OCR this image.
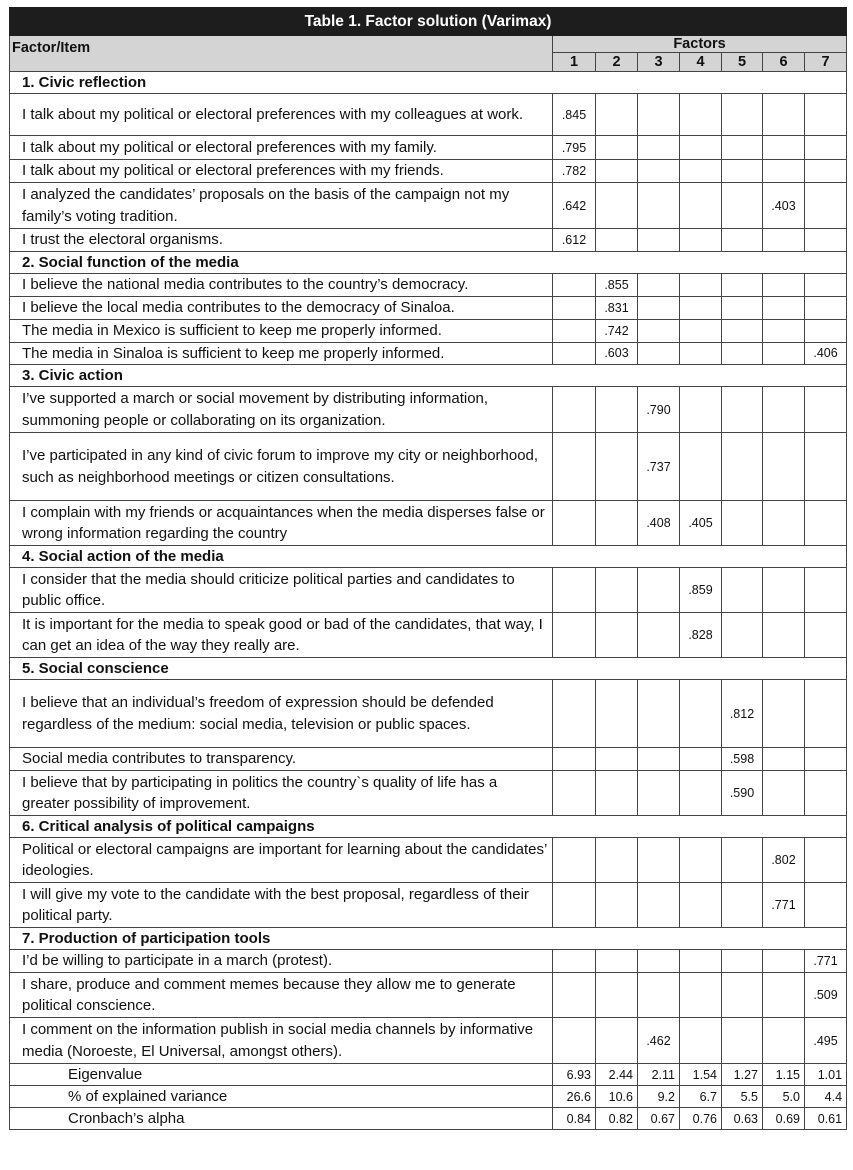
Table 1. Factor solution (Varimax)							
Factor/Item	Factors						
	1	2	3	4	5	6	7
1. Civic reflection							
I talk about my political or electoral preferences with my colleagues at work.	.845						
I talk about my political or electoral preferences with my family.	.795						
I talk about my political or electoral preferences with my friends.	.782						
I analyzed the candidates’ proposals on the basis of the campaign not my family’s voting tradition.	.642					.403	
I trust the electoral organisms.	.612						
2. Social function of the media							
I believe the national media contributes to the country’s democracy.		.855					
I believe the local media contributes to the democracy of Sinaloa.		.831					
The media in Mexico is sufficient to keep me properly informed.		.742					
The media in Sinaloa is sufficient to keep me properly informed.		.603					.406
3. Civic action							
I’ve supported a march or social movement by distributing information, summoning people or collaborating on its organization.			.790				
I’ve participated in any kind of civic forum to improve my city or neighborhood, such as neighborhood meetings or citizen consultations.			.737				
I complain with my friends or acquaintances when the media disperses false or wrong information regarding the country			.408	.405			
4. Social action of the media							
I consider that the media should criticize political parties and candidates to public office.				.859			
It is important for the media to speak good or bad of the candidates, that way, I can get an idea of the way they really are.				.828			
5. Social conscience							
I believe that an individual’s freedom of expression should be defended regardless of the medium: social media, television or public spaces.					.812		
Social media contributes to transparency.					.598		
I believe that by participating in politics the country`s quality of life has a greater possibility of improvement.					.590		
6. Critical analysis of political campaigns							
Political or electoral campaigns are important for learning about the candidates’ ideologies.						.802	
I will give my vote to the candidate with the best proposal, regardless of their political party.						.771	
7. Production of participation tools							
I’d be willing to participate in a march (protest).							.771
I share, produce and comment memes because they allow me to generate political conscience.							.509
I comment on the information publish in social media channels by informative media (Noroeste, El Universal, amongst others).			.462				.495
Eigenvalue	6.93	2.44	2.11	1.54	1.27	1.15	1.01
% of explained variance	26.6	10.6	9.2	6.7	5.5	5.0	4.4
Cronbach’s alpha	0.84	0.82	0.67	0.76	0.63	0.69	0.61
